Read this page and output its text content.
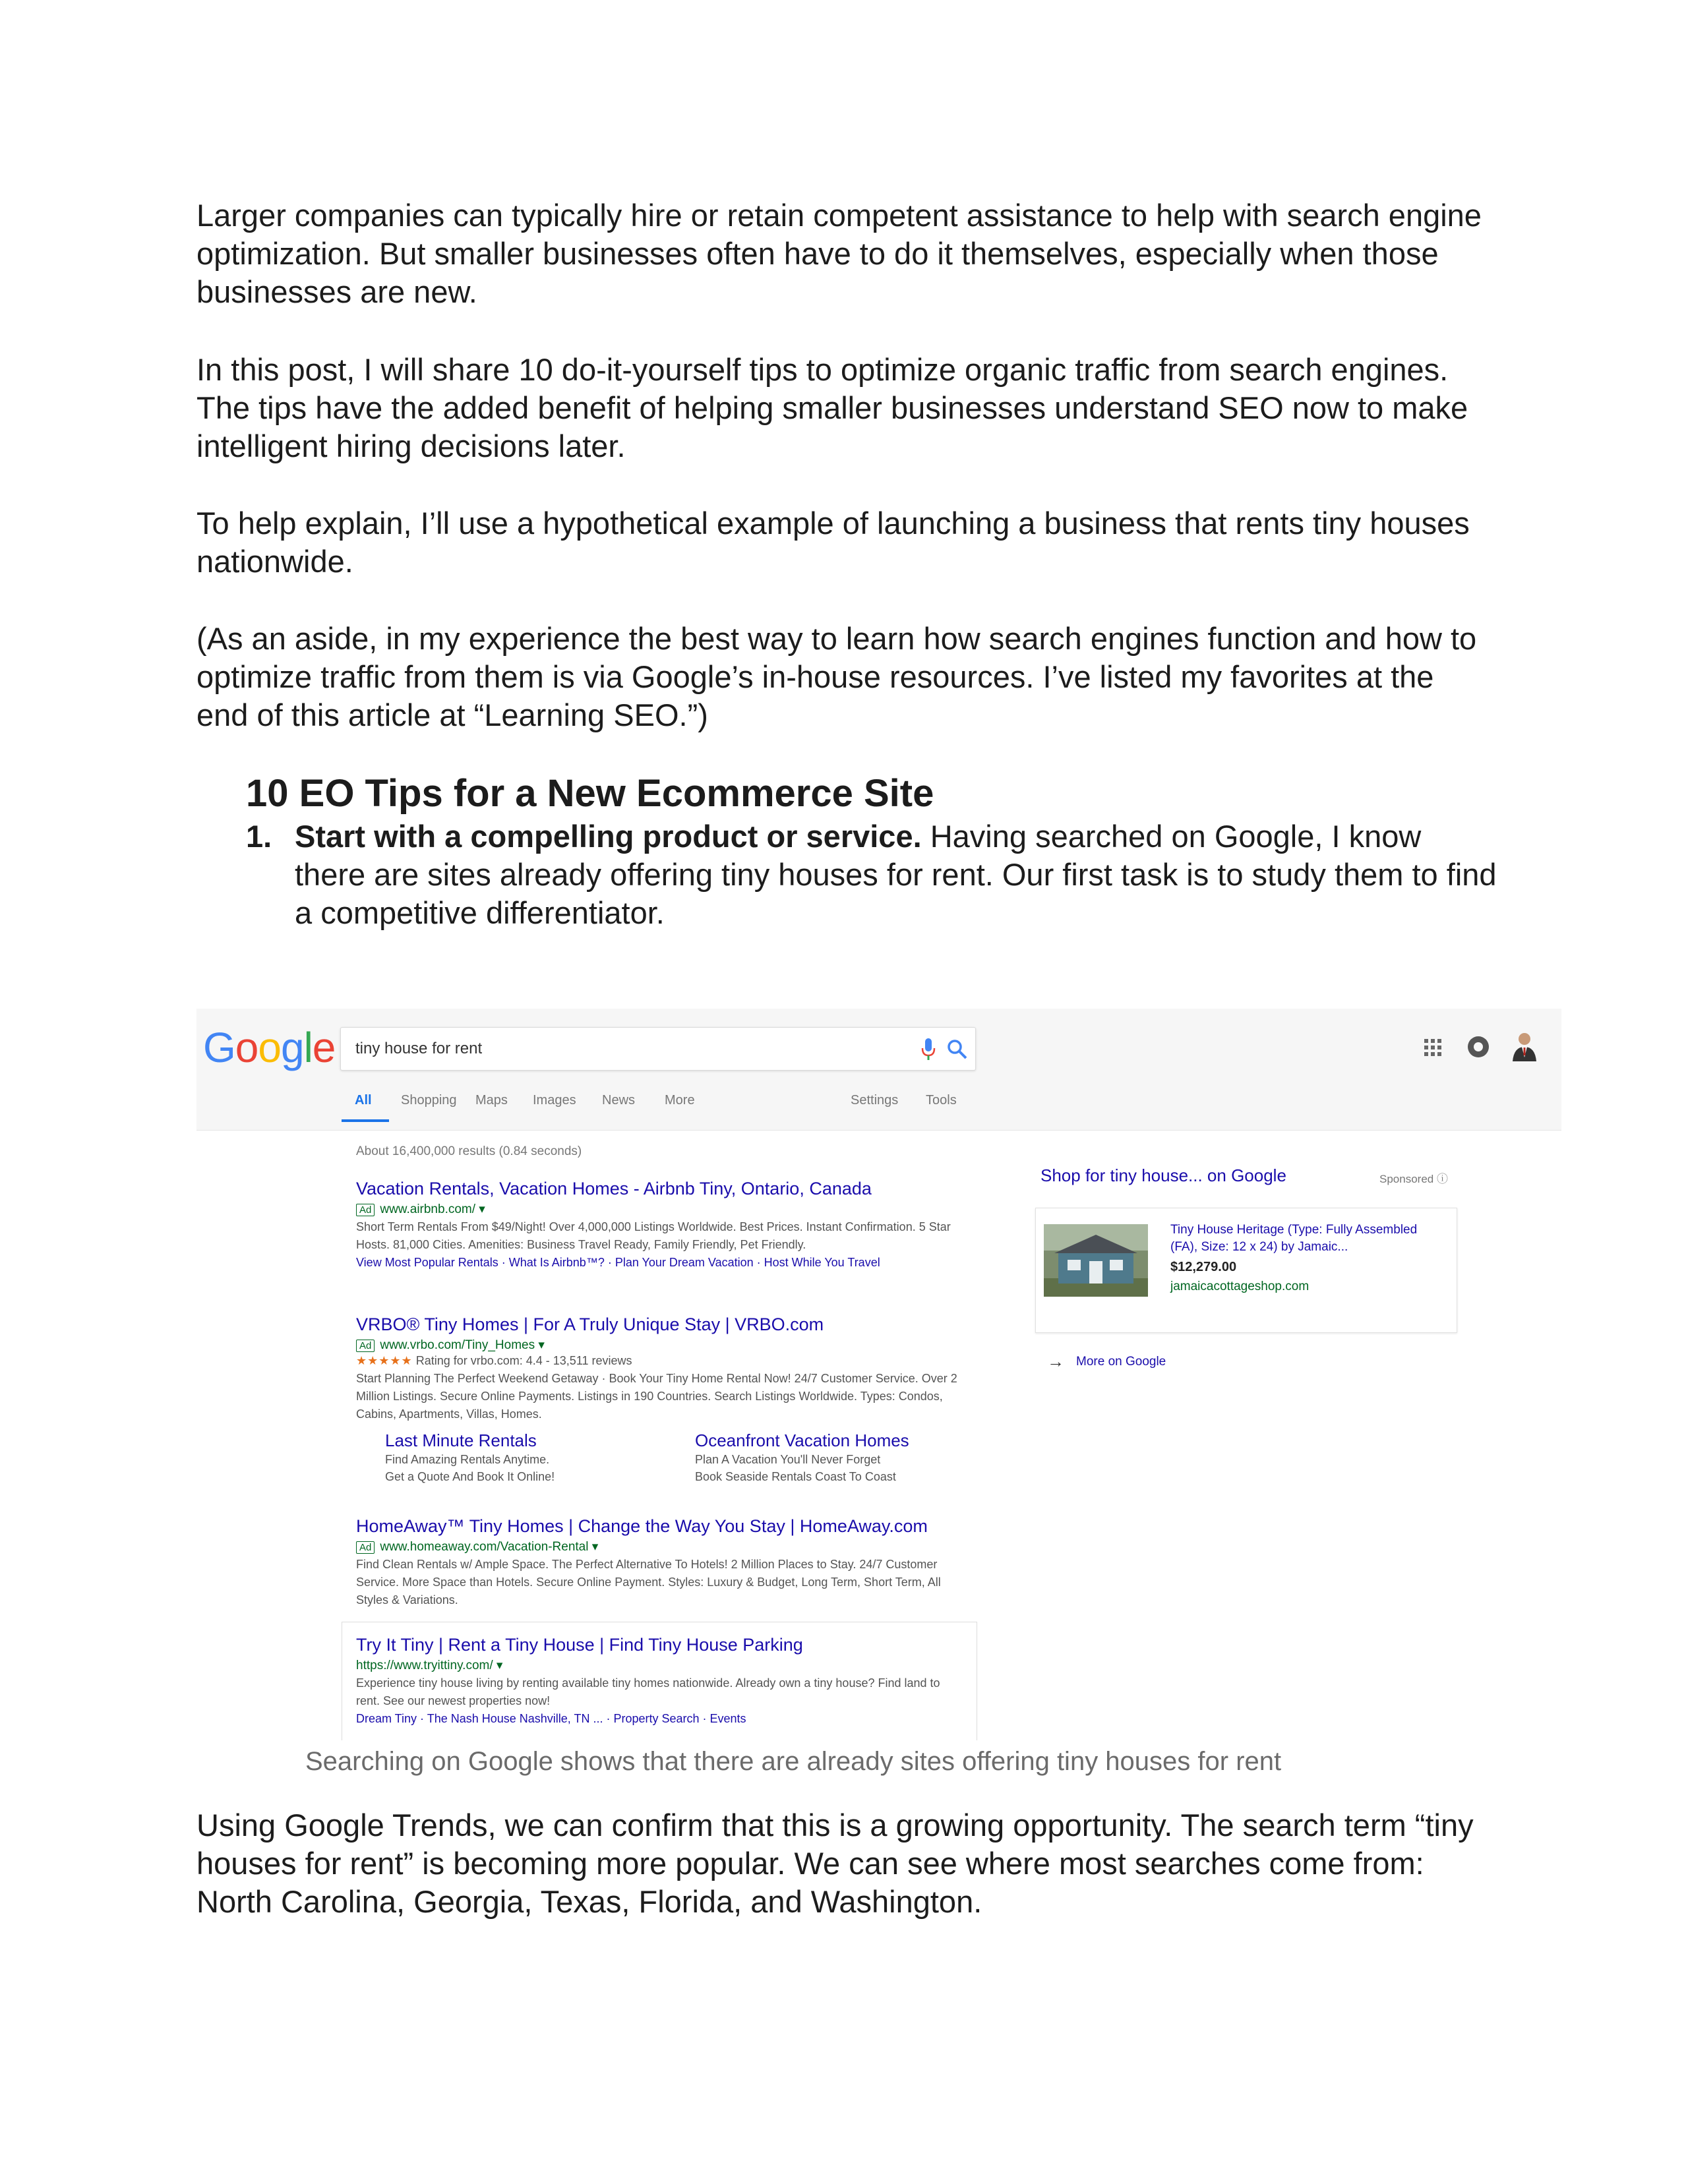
Larger companies can typically hire or retain competent assistance to help with search engine optimization. But smaller businesses often have to do it themselves, especially when those businesses are new.

In this post, I will share 10 do-it-yourself tips to optimize organic traffic from search engines. The tips have the added benefit of helping smaller businesses understand SEO now to make intelligent hiring decisions later.

To help explain, I’ll use a hypothetical example of launching a business that rents tiny houses nationwide.

(As an aside, in my experience the best way to learn how search engines function and how to optimize traffic from them is via Google’s in-house resources. I’ve listed my favorites at the end of this article at “Learning SEO.”)

10 EO Tips for a New Ecommerce Site
1. Start with a compelling product or service. Having searched on Google, I know there are sites already offering tiny houses for rent. Our first task is to study them to find a competitive differentiator.
Google tiny house for rent
All Shopping Maps Images News More	Settings Tools
About 16,400,000 results (0.84 seconds)
Vacation Rentals, Vacation Homes - Airbnb Tiny, Ontario, Canada
Ad www.airbnb.com/ ▾
Short Term Rentals From $49/Night! Over 4,000,000 Listings Worldwide. Best Prices. Instant Confirmation. 5 Star Hosts. 81,000 Cities. Amenities: Business Travel Ready, Family Friendly, Pet Friendly.
View Most Popular Rentals · What Is Airbnb™? · Plan Your Dream Vacation · Host While You Travel
VRBO® Tiny Homes | For A Truly Unique Stay | VRBO.com
Ad www.vrbo.com/Tiny_Homes ▾
★★★★★ Rating for vrbo.com: 4.4 - 13,511 reviews
Start Planning The Perfect Weekend Getaway · Book Your Tiny Home Rental Now! 24/7 Customer Service. Over 2 Million Listings. Secure Online Payments. Listings in 190 Countries. Search Listings Worldwide. Types: Condos, Cabins, Apartments, Villas, Homes.
Last Minute Rentals
Find Amazing Rentals Anytime.
Get a Quote And Book It Online!
Oceanfront Vacation Homes
Plan A Vacation You'll Never Forget
Book Seaside Rentals Coast To Coast
HomeAway™ Tiny Homes | Change the Way You Stay | HomeAway.com
Ad www.homeaway.com/Vacation-Rental ▾
Find Clean Rentals w/ Ample Space. The Perfect Alternative To Hotels! 2 Million Places to Stay. 24/7 Customer Service. More Space than Hotels. Secure Online Payment. Styles: Luxury & Budget, Long Term, Short Term, All Styles & Variations.
Try It Tiny | Rent a Tiny House | Find Tiny House Parking
https://www.tryittiny.com/ ▾
Experience tiny house living by renting available tiny homes nationwide. Already own a tiny house? Find land to rent. See our newest properties now!
Dream Tiny · The Nash House Nashville, TN ... · Property Search · Events
Shop for tiny house... on Google	Sponsored ⓘ
Tiny House Heritage (Type: Fully Assembled (FA), Size: 12 x 24) by Jamaic...
$12,279.00
jamaicacottageshop.com
→ More on Google
Searching on Google shows that there are already sites offering tiny houses for rent

Using Google Trends, we can confirm that this is a growing opportunity. The search term “tiny houses for rent” is becoming more popular. We can see where most searches come from: North Carolina, Georgia, Texas, Florida, and Washington.
